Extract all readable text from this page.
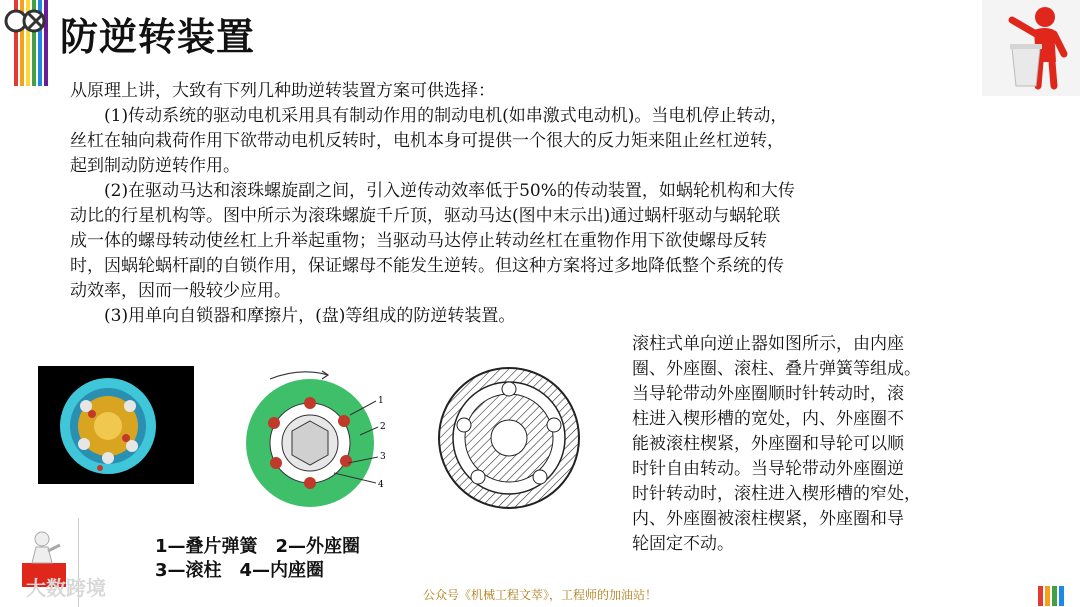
防逆转装置
从原理上讲，大致有下列几种助逆转装置方案可供选择：
　　(1)传动系统的驱动电机采用具有制动作用的制动电机(如串激式电动机)。当电机停止转动，
丝杠在轴向栽荷作用下欲带动电机反转时，电机本身可提供一个很大的反力矩来阻止丝杠逆转，
起到制动防逆转作用。
　　(2)在驱动马达和滚珠螺旋副之间，引入逆传动效率低于50%的传动装置，如蜗轮机构和大传
动比的行星机构等。图中所示为滚珠螺旋千斤顶，驱动马达(图中末示出)通过蜗杆驱动与蜗轮联
成一体的螺母转动使丝杠上升举起重物；当驱动马达停止转动丝杠在重物作用下欲使螺母反转
时，因蜗轮蜗杆副的自锁作用，保证螺母不能发生逆转。但这种方案将过多地降低整个系统的传
动效率，因而一般较少应用。
　　(3)用单向自锁器和摩擦片，(盘)等组成的防逆转装置。
滚柱式单向逆止器如图所示，由内座
圈、外座圈、滚柱、叠片弹簧等组成。
当导轮带动外座圈顺时针转动时，滚
柱进入楔形槽的宽处，内、外座圈不
能被滚柱楔紧，外座圈和导轮可以顺
时针自由转动。当导轮带动外座圈逆
时针转动时，滚柱进入楔形槽的窄处，
内、外座圈被滚柱楔紧，外座圈和导
轮固定不动。
1
2
3
4
1—叠片弹簧 2—外座圈
3—滚柱 4—内座圈
大数跨境	公众号《机械工程文萃》，工程师的加油站！
